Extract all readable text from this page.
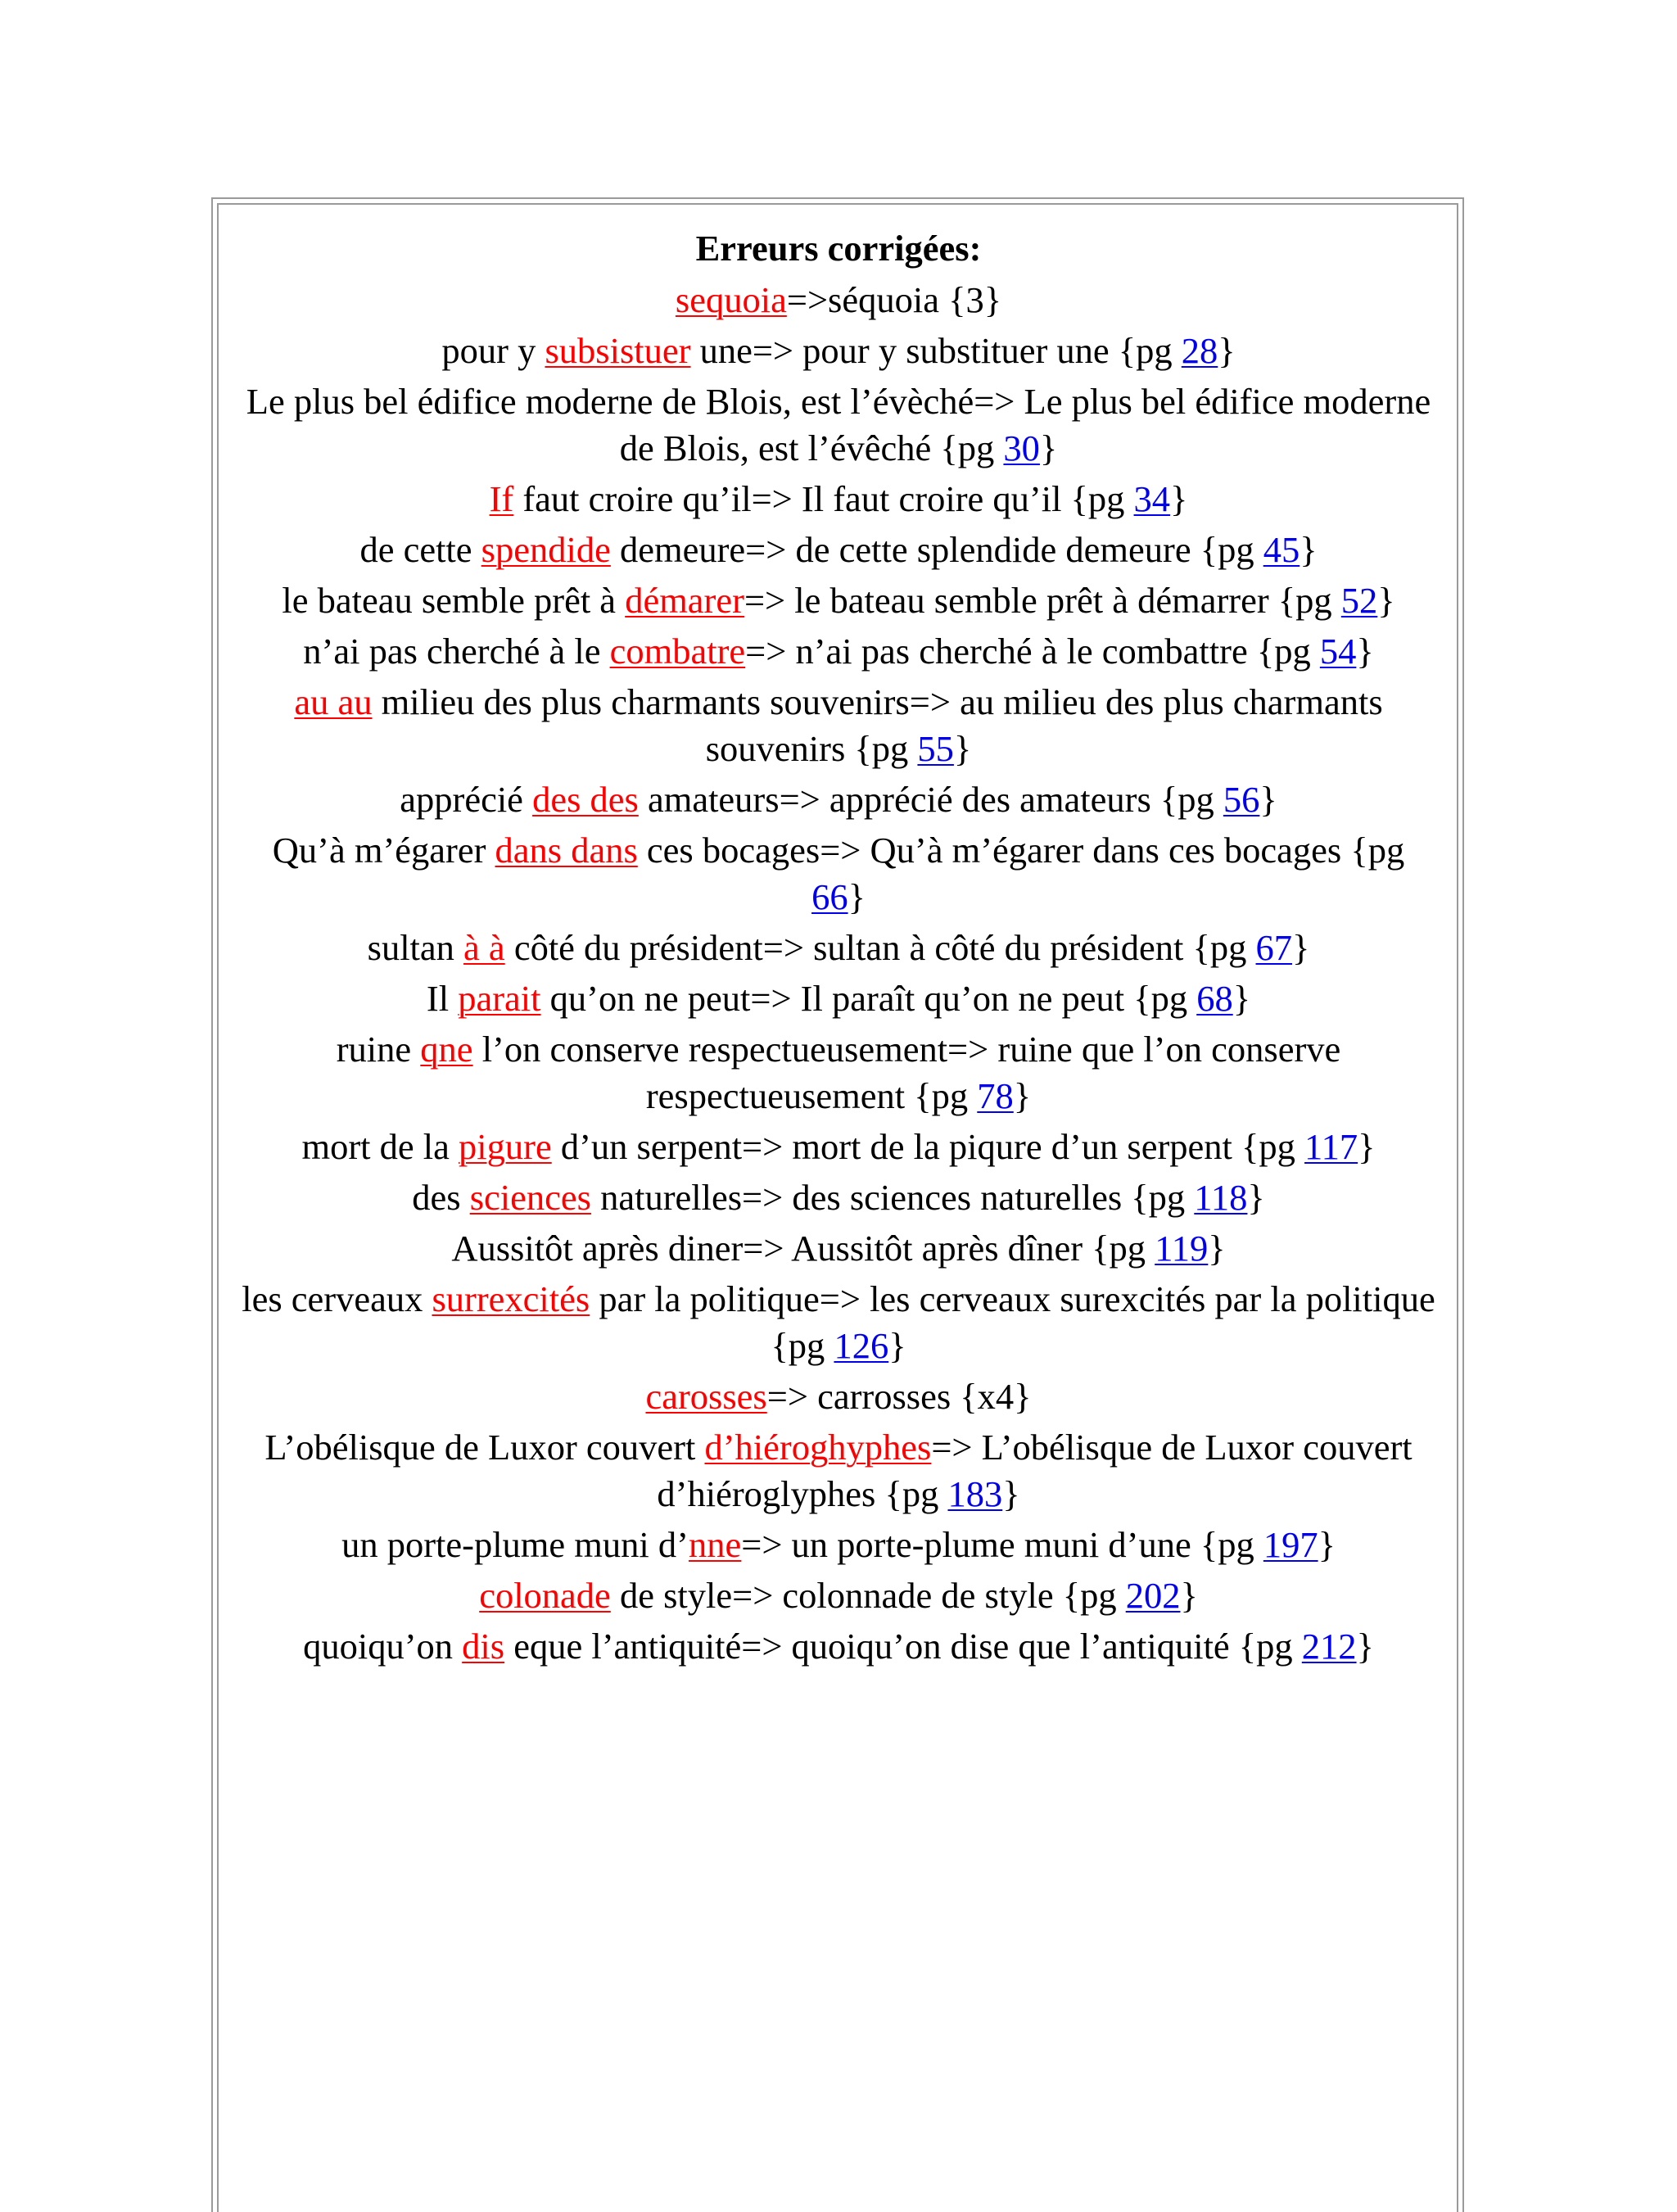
Erreurs corrigées:
sequoia=>séquoia {3}
pour y subsistuer une=> pour y substituer une {pg 28}
Le plus bel édifice moderne de Blois, est l’évèché=> Le plus bel édifice moderne de Blois, est l’évêché {pg 30}
If faut croire qu’il=> Il faut croire qu’il {pg 34}
de cette spendide demeure=> de cette splendide demeure {pg 45}
le bateau semble prêt à démarer=> le bateau semble prêt à démarrer {pg 52}
n’ai pas cherché à le combatre=> n’ai pas cherché à le combattre {pg 54}
au au milieu des plus charmants souvenirs=> au milieu des plus charmants souvenirs {pg 55}
apprécié des des amateurs=> apprécié des amateurs {pg 56}
Qu’à m’égarer dans dans ces bocages=> Qu’à m’égarer dans ces bocages {pg 66}
sultan à à côté du président=> sultan à côté du président {pg 67}
Il parait qu’on ne peut=> Il paraît qu’on ne peut {pg 68}
ruine qne l’on conserve respectueusement=> ruine que l’on conserve respectueusement {pg 78}
mort de la pigure d’un serpent=> mort de la piqure d’un serpent {pg 117}
des sciences naturelles=> des sciences naturelles {pg 118}
Aussitôt après diner=> Aussitôt après dîner {pg 119}
les cerveaux surrexcités par la politique=> les cerveaux surexcités par la politique {pg 126}
carosses=> carrosses {x4}
L’obélisque de Luxor couvert d’hiéroghyphes=> L’obélisque de Luxor couvert d’hiéroglyphes {pg 183}
un porte-plume muni d’nne=> un porte-plume muni d’une {pg 197}
colonade de style=> colonnade de style {pg 202}
quoiqu’on dis eque l’antiquité=> quoiqu’on dise que l’antiquité {pg 212}
